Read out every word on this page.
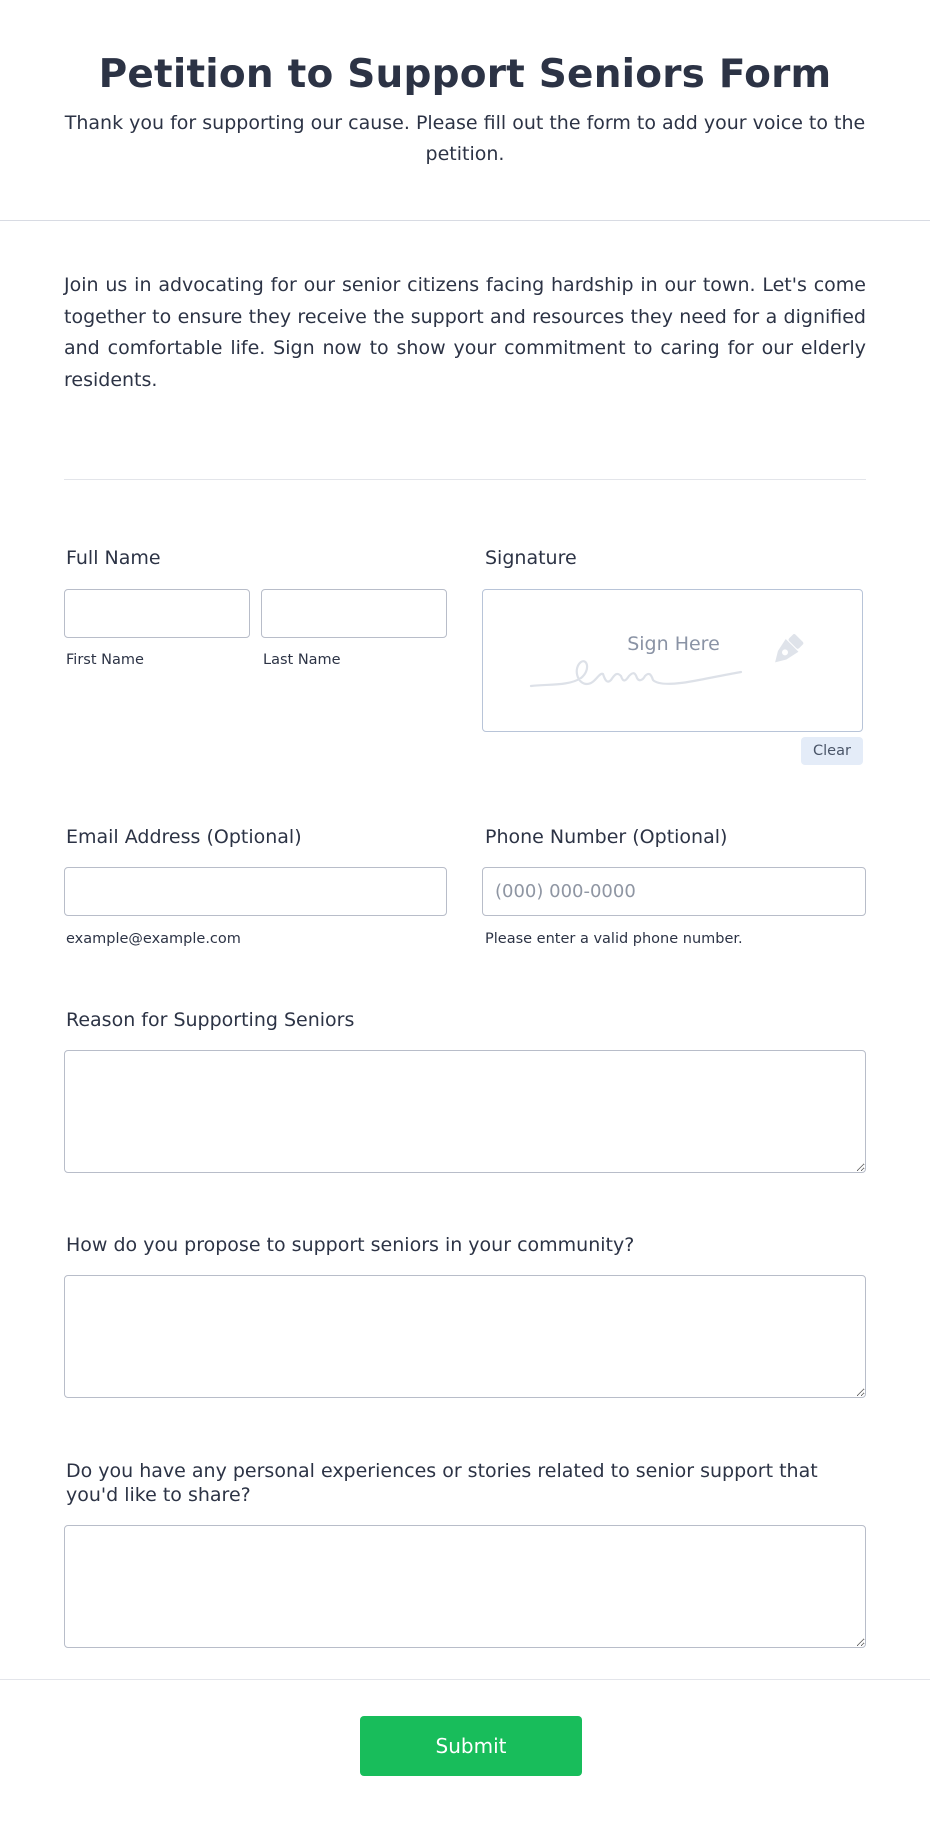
Petition to Support Seniors Form

Thank you for supporting our cause. Please fill out the form to add your voice to the petition.

Join us in advocating for our senior citizens facing hardship in our town. Let's come together to ensure they receive the support and resources they need for a dignified and comfortable life. Sign now to show your commitment to caring for our elderly residents.

Full Name
First Name	Last Name
Signature
Sign Here
Clear
Email Address (Optional)
example@example.com
Phone Number (Optional)
(000) 000-0000
Please enter a valid phone number.
Reason for Supporting Seniors
How do you propose to support seniors in your community?
Do you have any personal experiences or stories related to senior support that you'd like to share?
Submit
